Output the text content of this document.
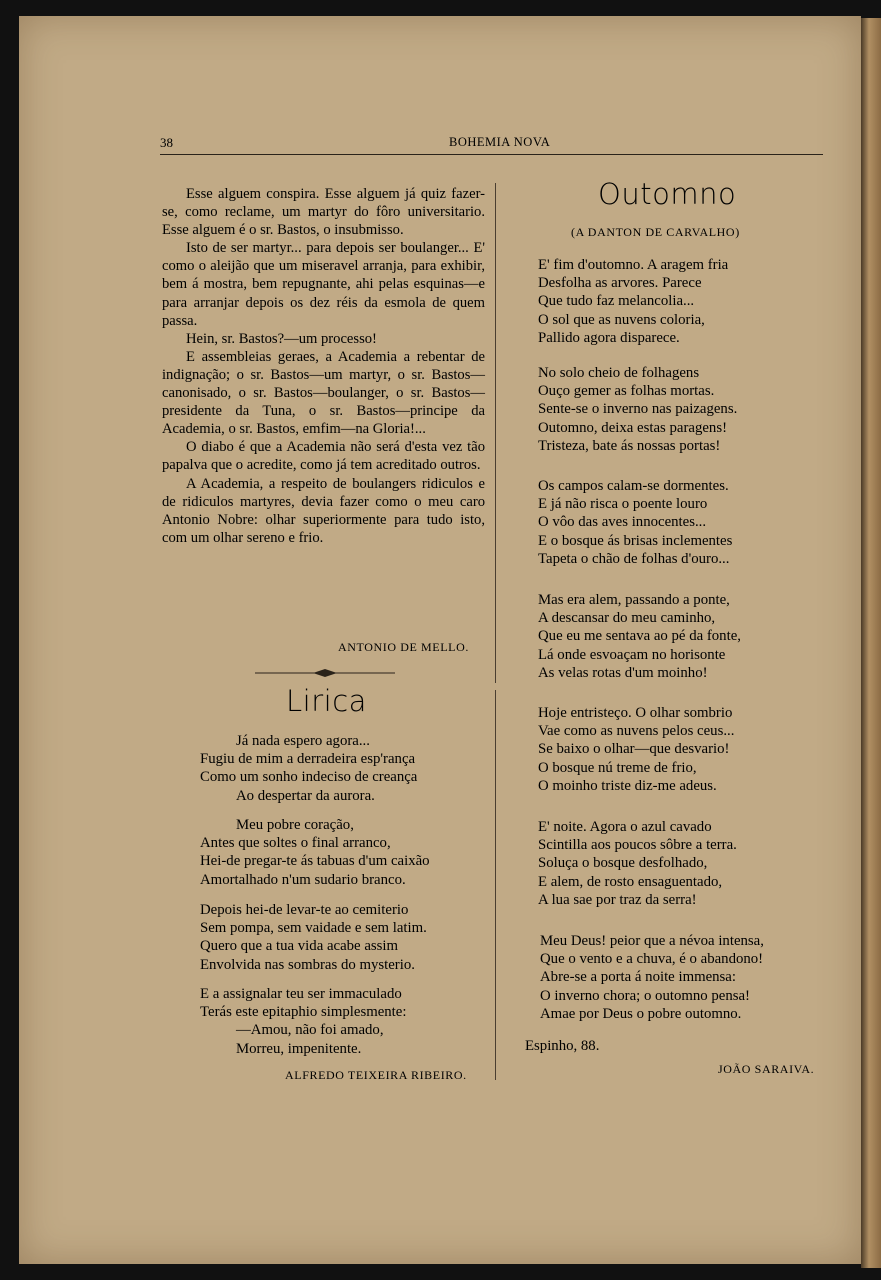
38	BOHEMIA NOVA

Esse alguem conspira. Esse alguem já quiz fazer-se, como reclame, um martyr do fôro universitario. Esse alguem é o sr. Bastos, o insubmisso.

Isto de ser martyr... para depois ser boulanger... E' como o aleijão que um miseravel arranja, para exhibir, bem á mostra, bem repugnante, ahi pelas esquinas—e para arranjar depois os dez réis da esmola de quem passa.

Hein, sr. Bastos?—um processo!

E assembleias geraes, a Academia a rebentar de indignação; o sr. Bastos—um martyr, o sr. Bastos—canonisado, o sr. Bastos—boulanger, o sr. Bastos—presidente da Tuna, o sr. Bastos—principe da Academia, o sr. Bastos, emfim—na Gloria!...

O diabo é que a Academia não será d'esta vez tão papalva que o acredite, como já tem acreditado outros.

A Academia, a respeito de boulangers ridiculos e de ridiculos martyres, devia fazer como o meu caro Antonio Nobre: olhar superiormente para tudo isto, com um olhar sereno e frio.

ANTONIO DE MELLO.
Lirica
Já nada espero agora...
Fugiu de mim a derradeira esp'rança
Como um sonho indeciso de creança
Ao despertar da aurora.
Meu pobre coração,
Antes que soltes o final arranco,
Hei-de pregar-te ás tabuas d'um caixão
Amortalhado n'um sudario branco.
Depois hei-de levar-te ao cemiterio
Sem pompa, sem vaidade e sem latim.
Quero que a tua vida acabe assim
Envolvida nas sombras do mysterio.
E a assignalar teu ser immaculado
Terás este epitaphio simplesmente:
—Amou, não foi amado,
Morreu, impenitente.
ALFREDO TEIXEIRA RIBEIRO.
Outomno
(A DANTON DE CARVALHO)
E' fim d'outomno. A aragem fria
Desfolha as arvores. Parece
Que tudo faz melancolia...
O sol que as nuvens coloria,
Pallido agora disparece.
No solo cheio de folhagens
Ouço gemer as folhas mortas.
Sente-se o inverno nas paizagens.
Outomno, deixa estas paragens!
Tristeza, bate ás nossas portas!
Os campos calam-se dormentes.
E já não risca o poente louro
O vôo das aves innocentes...
E o bosque ás brisas inclementes
Tapeta o chão de folhas d'ouro...
Mas era alem, passando a ponte,
A descansar do meu caminho,
Que eu me sentava ao pé da fonte,
Lá onde esvoaçam no horisonte
As velas rotas d'um moinho!
Hoje entristeço. O olhar sombrio
Vae como as nuvens pelos ceus...
Se baixo o olhar—que desvario!
O bosque nú treme de frio,
O moinho triste diz-me adeus.
E' noite. Agora o azul cavado
Scintilla aos poucos sôbre a terra.
Soluça o bosque desfolhado,
E alem, de rosto ensaguentado,
A lua sae por traz da serra!
Meu Deus! peior que a névoa intensa,
Que o vento e a chuva, é o abandono!
Abre-se a porta á noite immensa:
O inverno chora; o outomno pensa!
Amae por Deus o pobre outomno.
Espinho, 88.
JOÃO SARAIVA.
